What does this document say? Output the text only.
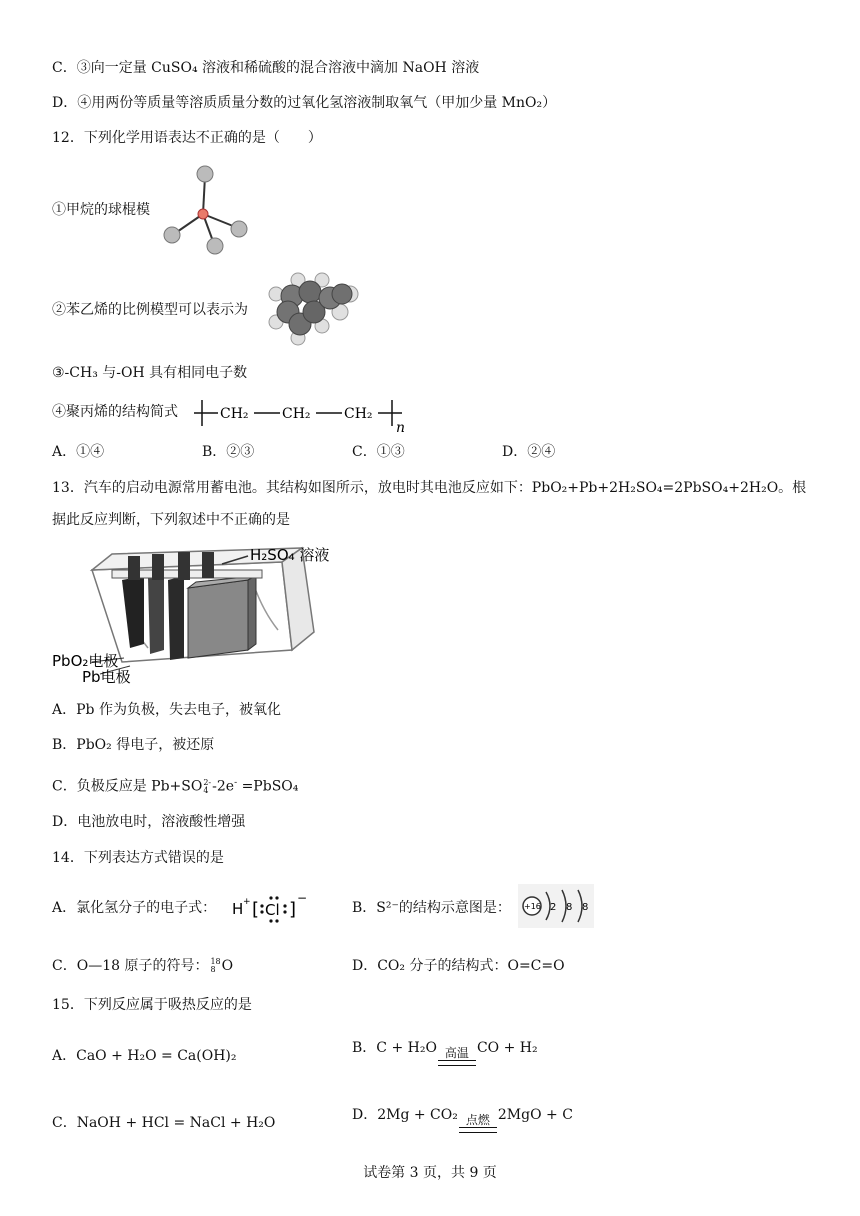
C．③向一定量 CuSO₄ 溶液和稀硫酸的混合溶液中滴加 NaOH 溶液
D．④用两份等质量等溶质质量分数的过氧化氢溶液制取氧气（甲加少量 MnO₂）
12．下列化学用语表达不正确的是（　　）
①甲烷的球棍模
②苯乙烯的比例模型可以表示为
③-CH₃ 与-OH 具有相同电子数
④聚丙烯的结构简式	CH₂ CH₂ CH₂
n
A．①④	B．②③	C．①③	D．②④
13．汽车的启动电源常用蓄电池。其结构如图所示，放电时其电池反应如下：PbO₂+Pb+2H₂SO₄=2PbSO₄+2H₂O。根
据此反应判断，下列叙述中不正确的是
H₂SO₄ 溶液
PbO₂电极
Pb电极
A．Pb 作为负极，失去电子，被氧化
B．PbO₂ 得电子，被还原
C．负极反应是 Pb+SO 2-
4 -2e- =PbSO₄
D．电池放电时，溶液酸性增强
14．下列表达方式错误的是
A．氯化氢分子的电子式： H + [ Cl ]
−
B．S²⁻的结构示意图是： +16 2 8 8
C．O—18 原子的符号： 18
8 O	D．CO₂ 分子的结构式：O=C=O
15．下列反应属于吸热反应的是
A．CaO + H₂O = Ca(OH)₂	B．C + H₂O 高温 CO + H₂
C．NaOH + HCl = NaCl + H₂O	D．2Mg + CO₂ 点燃 2MgO + C
试卷第 3 页，共 9 页
